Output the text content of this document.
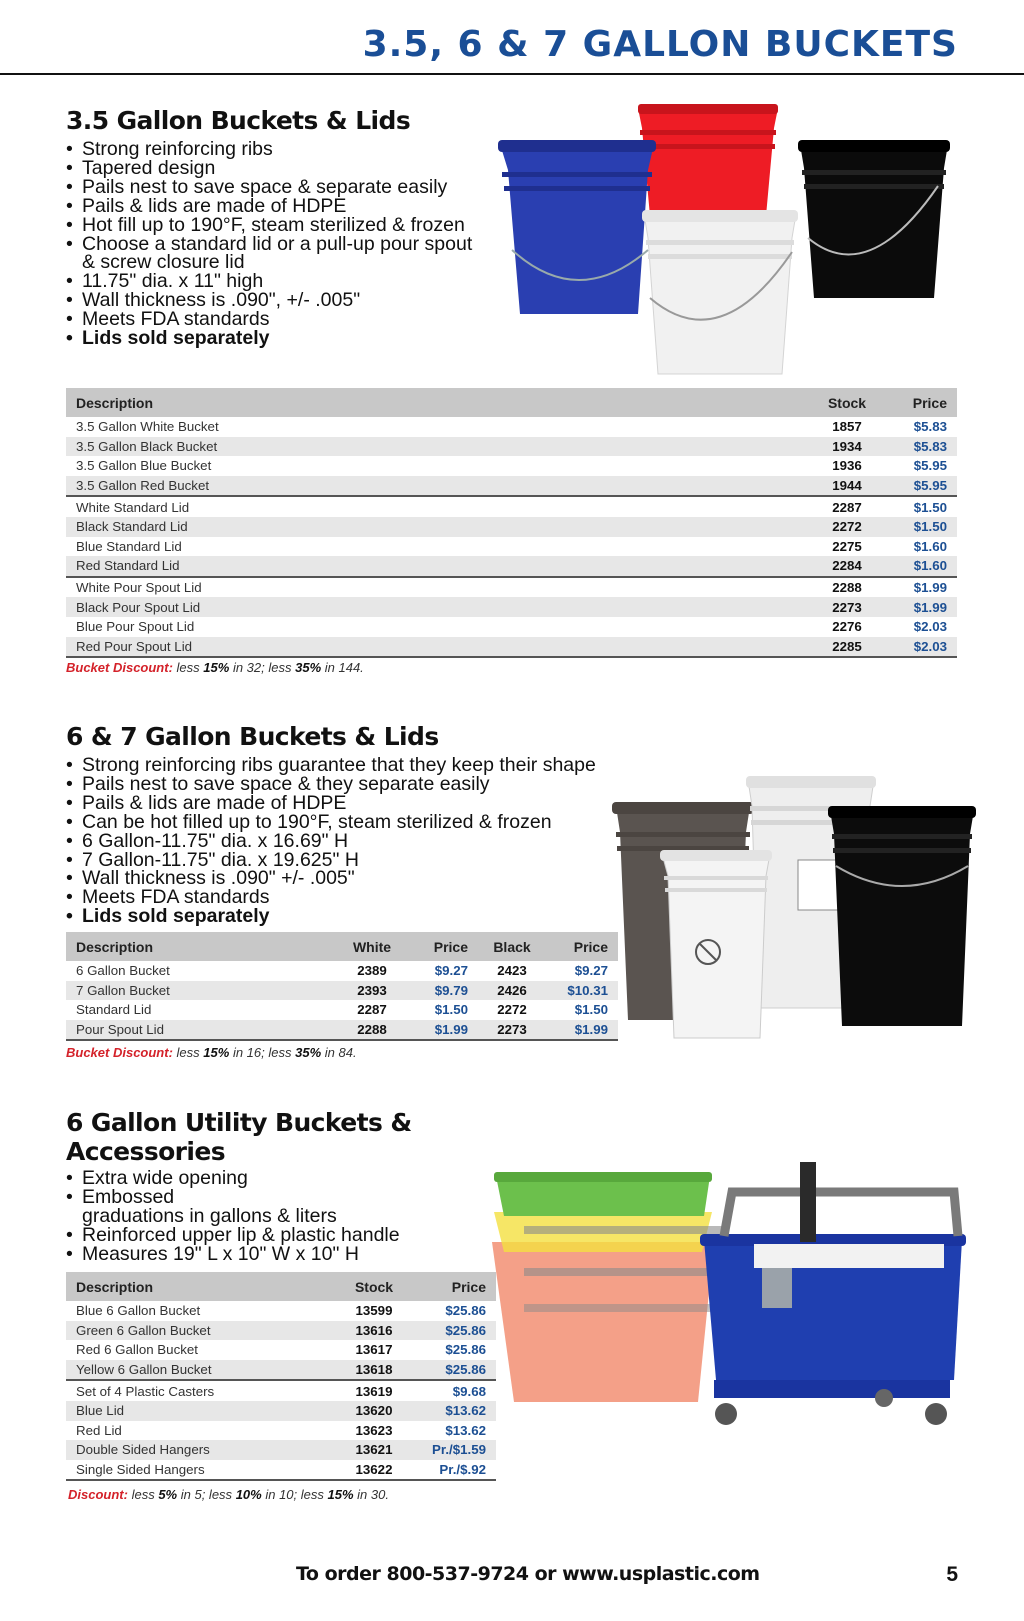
3.5, 6 & 7 GALLON BUCKETS
3.5 Gallon Buckets & Lids
• Strong reinforcing ribs
• Tapered design
• Pails nest to save space & separate easily
• Pails & lids are made of HDPE
• Hot fill up to 190°F, steam sterilized & frozen
• Choose a standard lid or a pull-up pour spout
& screw closure lid
• 11.75" dia. x 11" high
• Wall thickness is .090", +/- .005"
• Meets FDA standards
• Lids sold separately
Description	Stock	Price
3.5 Gallon White Bucket	1857	$5.83
3.5 Gallon Black Bucket	1934	$5.83
3.5 Gallon Blue Bucket	1936	$5.95
3.5 Gallon Red Bucket	1944	$5.95
White Standard Lid	2287	$1.50
Black Standard Lid	2272	$1.50
Blue Standard Lid	2275	$1.60
Red Standard Lid	2284	$1.60
White Pour Spout Lid	2288	$1.99
Black Pour Spout Lid	2273	$1.99
Blue Pour Spout Lid	2276	$2.03
Red Pour Spout Lid	2285	$2.03
Bucket Discount: less 15% in 32; less 35% in 144.
6 & 7 Gallon Buckets & Lids
• Strong reinforcing ribs guarantee that they keep their shape
• Pails nest to save space & they separate easily
• Pails & lids are made of HDPE
• Can be hot filled up to 190°F, steam sterilized & frozen
• 6 Gallon-11.75" dia. x 16.69" H
• 7 Gallon-11.75" dia. x 19.625" H
• Wall thickness is .090" +/- .005"
• Meets FDA standards
• Lids sold separately
Description	White	Price	Black	Price
6 Gallon Bucket	2389	$9.27	2423	$9.27
7 Gallon Bucket	2393	$9.79	2426	$10.31
Standard Lid	2287	$1.50	2272	$1.50
Pour Spout Lid	2288	$1.99	2273	$1.99
Bucket Discount: less 15% in 16; less 35% in 84.
6 Gallon Utility Buckets &
Accessories
• Extra wide opening
• Embossed
graduations in gallons & liters
• Reinforced upper lip & plastic handle
• Measures 19" L x 10" W x 10" H
Description	Stock	Price
Blue 6 Gallon Bucket	13599	$25.86
Green 6 Gallon Bucket	13616	$25.86
Red 6 Gallon Bucket	13617	$25.86
Yellow 6 Gallon Bucket	13618	$25.86
Set of 4 Plastic Casters	13619	$9.68
Blue Lid	13620	$13.62
Red Lid	13623	$13.62
Double Sided Hangers	13621	Pr./$1.59
Single Sided Hangers	13622	Pr./$.92
Discount: less 5% in 5; less 10% in 10; less 15% in 30.
To order 800-537-9724 or www.usplastic.com	5
